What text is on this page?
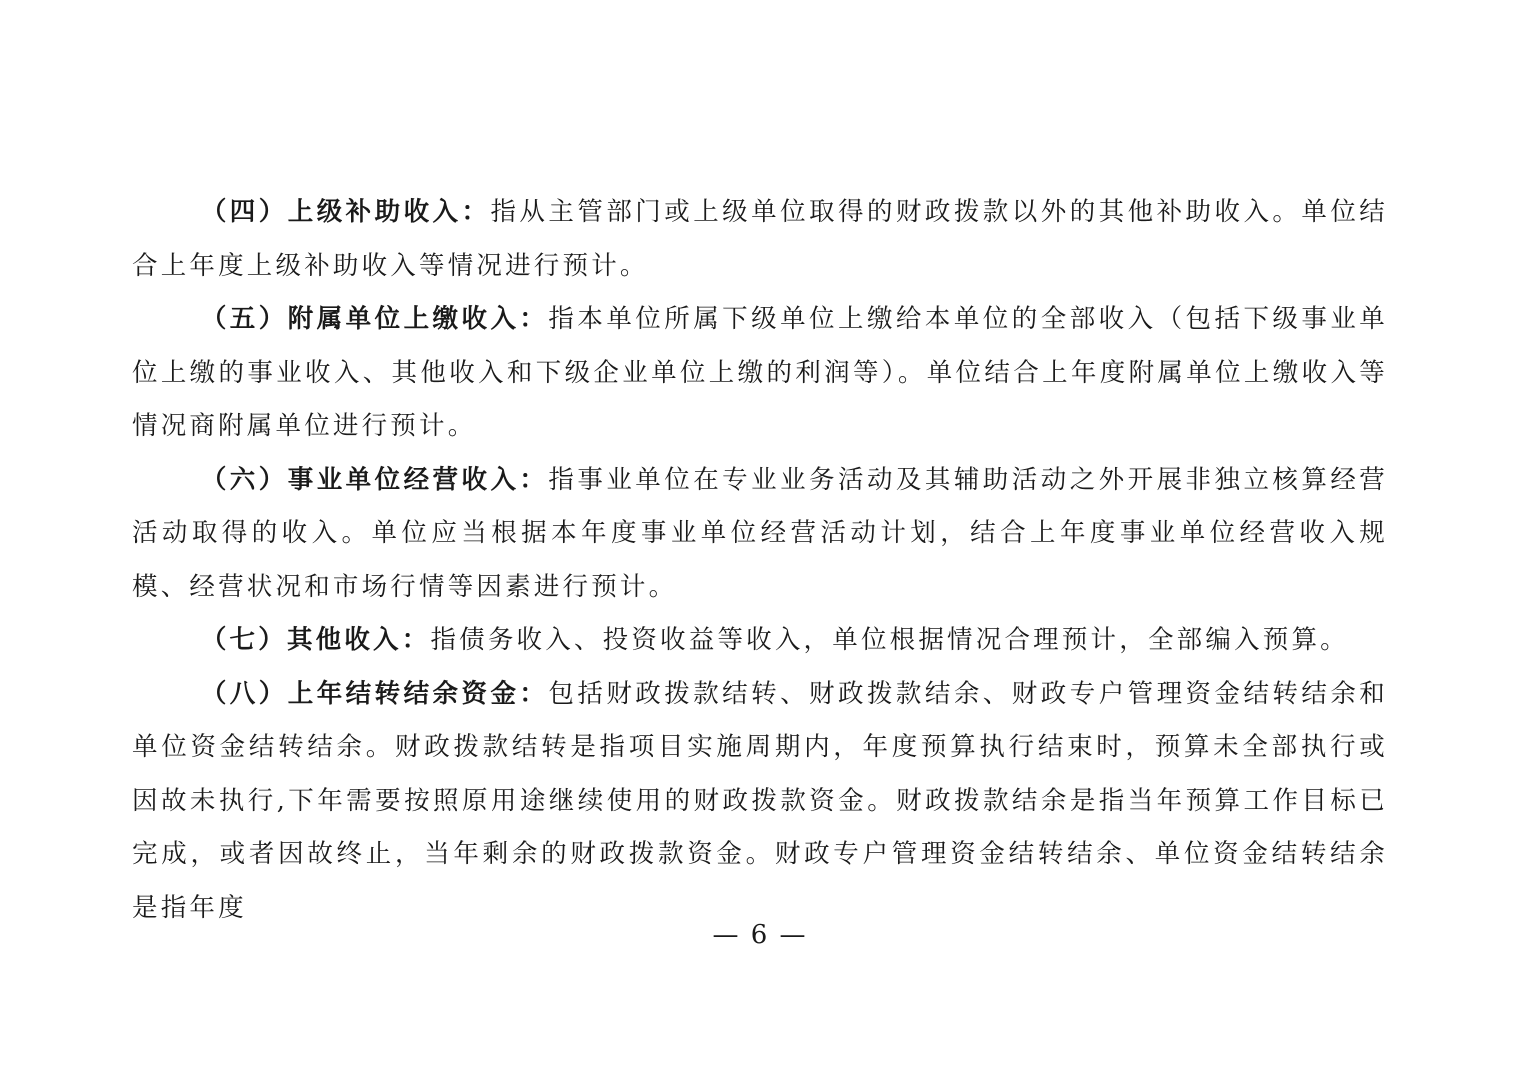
（四）上级补助收入：指从主管部门或上级单位取得的财政拨款以外的其他补助收入。单位结合上年度上级补助收入等情况进行预计。

（五）附属单位上缴收入：指本单位所属下级单位上缴给本单位的全部收入（包括下级事业单位上缴的事业收入、其他收入和下级企业单位上缴的利润等）。单位结合上年度附属单位上缴收入等情况商附属单位进行预计。

（六）事业单位经营收入：指事业单位在专业业务活动及其辅助活动之外开展非独立核算经营活动取得的收入。单位应当根据本年度事业单位经营活动计划，结合上年度事业单位经营收入规模、经营状况和市场行情等因素进行预计。

（七）其他收入：指债务收入、投资收益等收入，单位根据情况合理预计，全部编入预算。

（八）上年结转结余资金：包括财政拨款结转、财政拨款结余、财政专户管理资金结转结余和单位资金结转结余。财政拨款结转是指项目实施周期内，年度预算执行结束时，预算未全部执行或因故未执行,下年需要按照原用途继续使用的财政拨款资金。财政拨款结余是指当年预算工作目标已完成，或者因故终止，当年剩余的财政拨款资金。财政专户管理资金结转结余、单位资金结转结余是指年度

— 6 —
